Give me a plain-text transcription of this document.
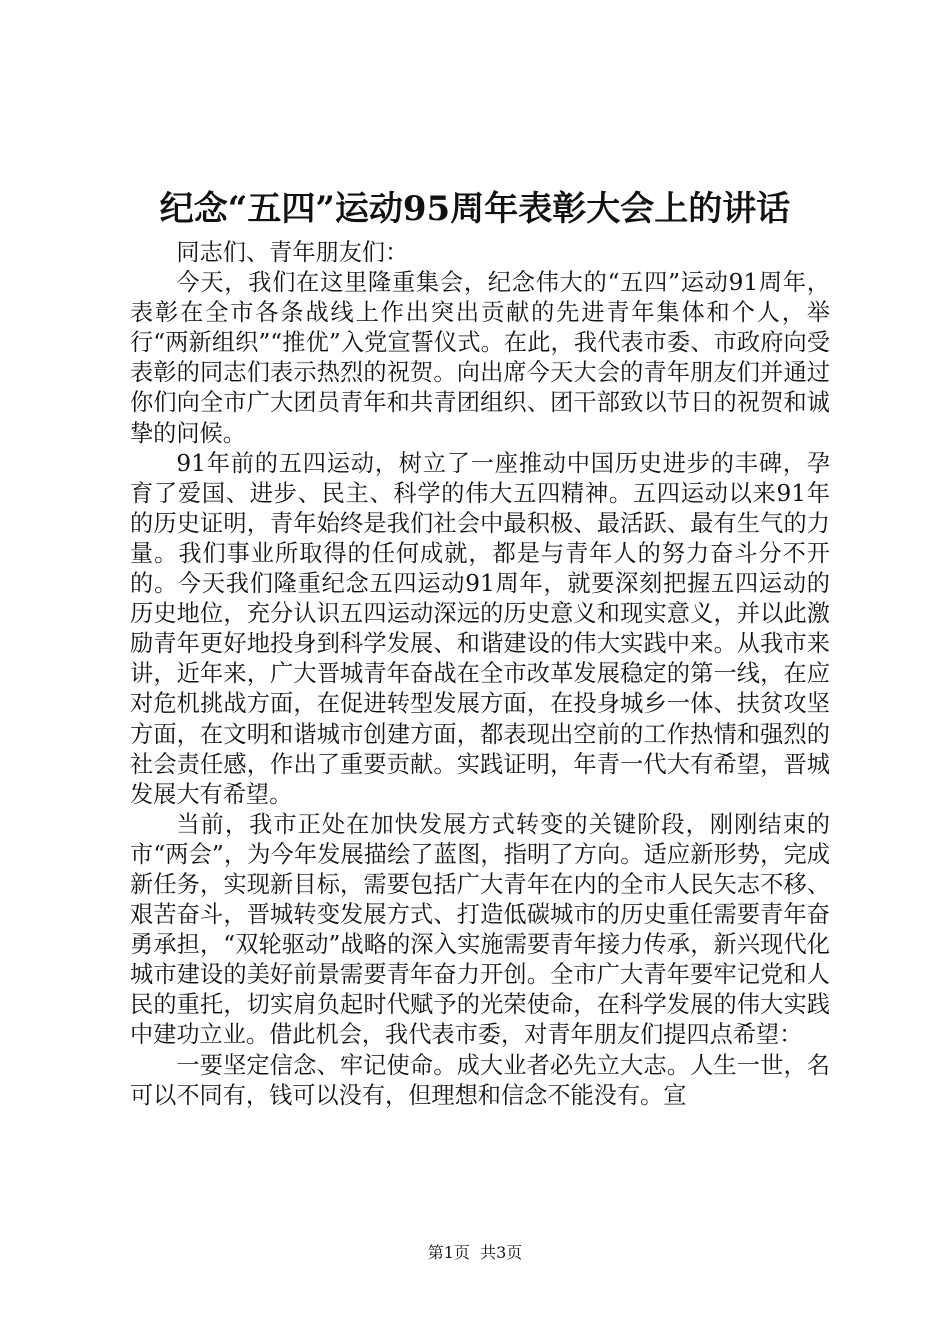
纪念“五四”运动95周年表彰大会上的讲话

同志们、青年朋友们：

今天，我们在这里隆重集会，纪念伟大的“五四”运动91周年，表彰在全市各条战线上作出突出贡献的先进青年集体和个人，举行“两新组织”“推优”入党宣誓仪式。在此，我代表市委、市政府向受表彰的同志们表示热烈的祝贺。向出席今天大会的青年朋友们并通过你们向全市广大团员青年和共青团组织、团干部致以节日的祝贺和诚挚的问候。

91年前的五四运动，树立了一座推动中国历史进步的丰碑，孕育了爱国、进步、民主、科学的伟大五四精神。五四运动以来91年的历史证明，青年始终是我们社会中最积极、最活跃、最有生气的力量。我们事业所取得的任何成就，都是与青年人的努力奋斗分不开的。今天我们隆重纪念五四运动91周年，就要深刻把握五四运动的历史地位，充分认识五四运动深远的历史意义和现实意义，并以此激励青年更好地投身到科学发展、和谐建设的伟大实践中来。从我市来讲，近年来，广大晋城青年奋战在全市改革发展稳定的第一线，在应对危机挑战方面，在促进转型发展方面，在投身城乡一体、扶贫攻坚方面，在文明和谐城市创建方面，都表现出空前的工作热情和强烈的社会责任感，作出了重要贡献。实践证明，年青一代大有希望，晋城发展大有希望。

当前，我市正处在加快发展方式转变的关键阶段，刚刚结束的市“两会”，为今年发展描绘了蓝图，指明了方向。适应新形势，完成新任务，实现新目标，需要包括广大青年在内的全市人民矢志不移、艰苦奋斗，晋城转变发展方式、打造低碳城市的历史重任需要青年奋勇承担，“双轮驱动”战略的深入实施需要青年接力传承，新兴现代化城市建设的美好前景需要青年奋力开创。全市广大青年要牢记党和人民的重托，切实肩负起时代赋予的光荣使命，在科学发展的伟大实践中建功立业。借此机会，我代表市委，对青年朋友们提四点希望：

一要坚定信念、牢记使命。成大业者必先立大志。人生一世，名可以不同有，钱可以没有，但理想和信念不能没有。宣

第1页  共3页
